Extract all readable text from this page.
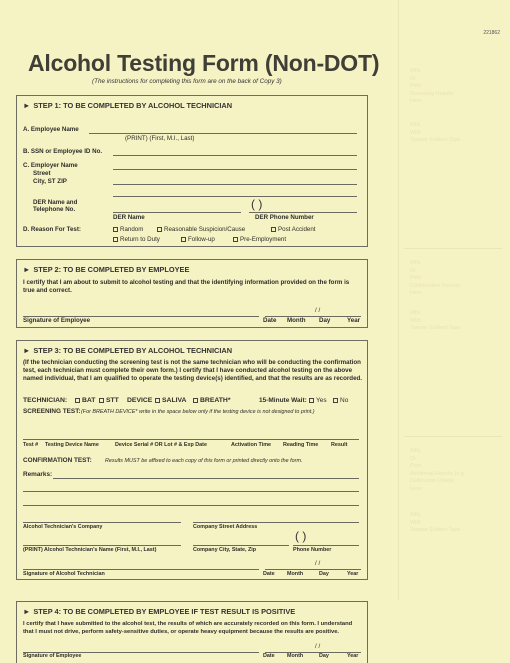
221862
Alcohol Testing Form (Non-DOT)
(The instructions for completing this form are on the back of Copy 3)
Affix
Or
Print
Screening Results
Here
Affix
With
Tamper Evident Tape
Affix
Or
Print
Confirmation Results
Here
Affix
With
Tamper Evident Tape
Affix
Or
Print
Additional Results (e.g.
Calibration Check)
Here
Affix
With
Tamper Evident Tape
► STEP 1: TO BE COMPLETED BY ALCOHOL TECHNICIAN
A. Employee Name
(PRINT) (First, M.I., Last)
B. SSN or Employee ID No.
C. Employer Name
Street
City, ST ZIP
DER Name and
Telephone No.	( )
DER Name	DER Phone Number
D. Reason For Test:	Random	Reasonable Suspicion/Cause	Post Accident
Return to Duty	Follow-up	Pre-Employment
► STEP 2: TO BE COMPLETED BY EMPLOYEE
I certify that I am about to submit to alcohol testing and that the identifying information provided on the form is true and correct.
Signature of Employee
/ /
Date Month Day	Year
► STEP 3: TO BE COMPLETED BY ALCOHOL TECHNICIAN
(If the technician conducting the screening test is not the same technician who will be conducting the confirmation test, each technician must complete their own form.) I certify that I have conducted alcohol testing on the above named individual, that I am qualified to operate the testing device(s) identified, and that the results are as recorded.
TECHNICIAN:	BAT	STT DEVICE	SALIVA	BREATH*	15-Minute Wait:	Yes	No
SCREENING TEST: (For BREATH DEVICE* write in the space below only if the testing device is not designed to print.)
Test # Testing Device Name	Device Serial # OR Lot # & Exp Date	Activation Time Reading Time Result
CONFIRMATION TEST: Results MUST be affixed to each copy of this form or printed directly onto the form.
Remarks:
Alcohol Technician's Company	Company Street Address
( )
(PRINT) Alcohol Technician's Name (First, M.I., Last)	Company City, State, Zip	Phone Number
/ /
Signature of Alcohol Technician	Date Month	Day	Year
► STEP 4: TO BE COMPLETED BY EMPLOYEE IF TEST RESULT IS POSITIVE
I certify that I have submitted to the alcohol test, the results of which are accurately recorded on this form. I understand that I must not drive, perform safety-sensitive duties, or operate heavy equipment because the results are positive.
/ /
Signature of Employee	Date Month	Day	Year
